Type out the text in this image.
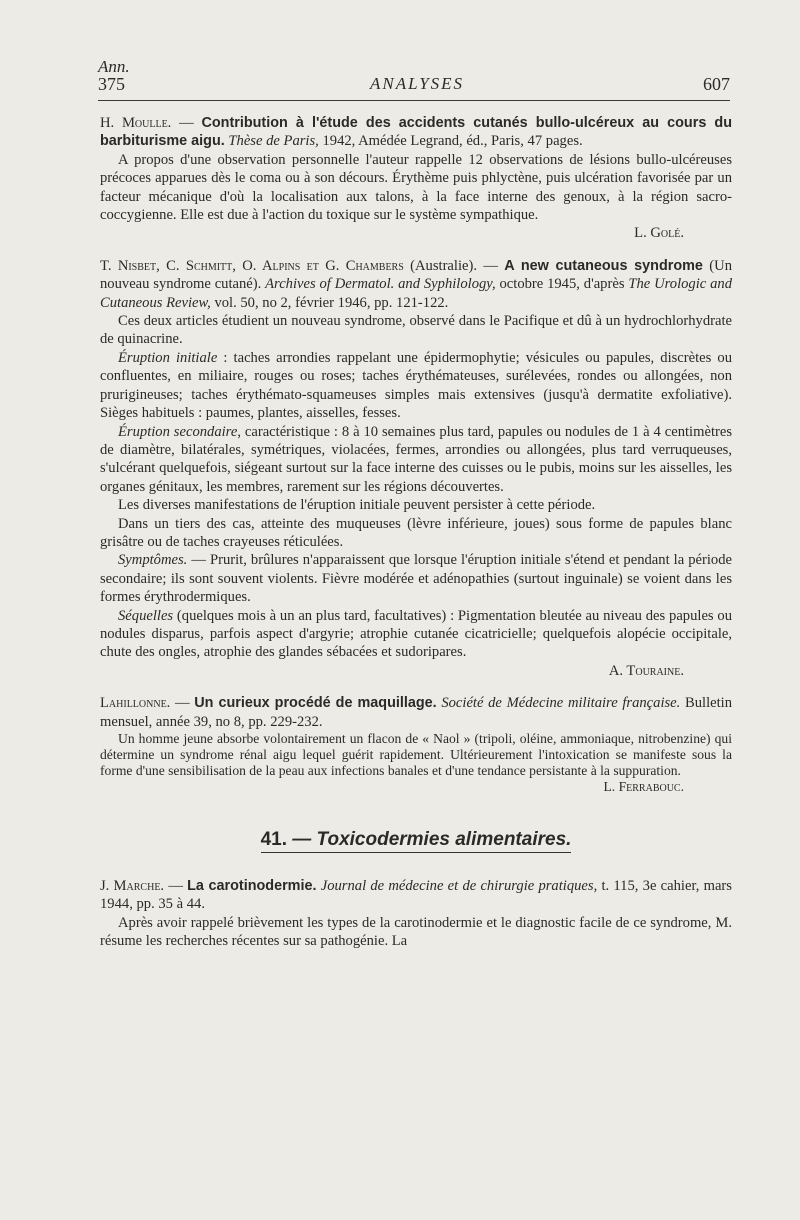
Ann.
375	ANALYSES	607

H. Moulle. — Contribution à l'étude des accidents cutanés bullo-ulcéreux au cours du barbiturisme aigu. Thèse de Paris, 1942, Amédée Legrand, éd., Paris, 47 pages.

A propos d'une observation personnelle l'auteur rappelle 12 observations de lésions bullo-ulcéreuses précoces apparues dès le coma ou à son décours. Érythème puis phlyctène, puis ulcération favorisée par un facteur mécanique d'où la localisation aux talons, à la face interne des genoux, à la région sacro-coccygienne. Elle est due à l'action du toxique sur le système sympathique.

L. Golé.

T. Nisbet, C. Schmitt, O. Alpins et G. Chambers (Australie). — A new cutaneous syndrome (Un nouveau syndrome cutané). Archives of Dermatol. and Syphilology, octobre 1945, d'après The Urologic and Cutaneous Review, vol. 50, no 2, février 1946, pp. 121-122.

Ces deux articles étudient un nouveau syndrome, observé dans le Pacifique et dû à un hydrochlorhydrate de quinacrine.

Éruption initiale : taches arrondies rappelant une épidermophytie; vésicules ou papules, discrètes ou confluentes, en miliaire, rouges ou roses; taches érythémateuses, surélevées, rondes ou allongées, non prurigineuses; taches érythémato-squameuses simples mais extensives (jusqu'à dermatite exfoliative). Sièges habituels : paumes, plantes, aisselles, fesses.

Éruption secondaire, caractéristique : 8 à 10 semaines plus tard, papules ou nodules de 1 à 4 centimètres de diamètre, bilatérales, symétriques, violacées, fermes, arrondies ou allongées, plus tard verruqueuses, s'ulcérant quelquefois, siégeant surtout sur la face interne des cuisses ou le pubis, moins sur les aisselles, les organes génitaux, les membres, rarement sur les régions découvertes.

Les diverses manifestations de l'éruption initiale peuvent persister à cette période.

Dans un tiers des cas, atteinte des muqueuses (lèvre inférieure, joues) sous forme de papules blanc grisâtre ou de taches crayeuses réticulées.

Symptômes. — Prurit, brûlures n'apparaissent que lorsque l'éruption initiale s'étend et pendant la période secondaire; ils sont souvent violents. Fièvre modérée et adénopathies (surtout inguinale) se voient dans les formes érythrodermiques.

Séquelles (quelques mois à un an plus tard, facultatives) : Pigmentation bleutée au niveau des papules ou nodules disparus, parfois aspect d'argyrie; atrophie cutanée cicatricielle; quelquefois alopécie occipitale, chute des ongles, atrophie des glandes sébacées et sudoripares.

A. Touraine.

Lahillonne. — Un curieux procédé de maquillage. Société de Médecine militaire française. Bulletin mensuel, année 39, no 8, pp. 229-232.

Un homme jeune absorbe volontairement un flacon de « Naol » (tripoli, oléine, ammoniaque, nitrobenzine) qui détermine un syndrome rénal aigu lequel guérit rapidement. Ultérieurement l'intoxication se manifeste sous la forme d'une sensibilisation de la peau aux infections banales et d'une tendance persistante à la suppuration.

L. Ferrabouc.

41. — Toxicodermies alimentaires.

J. Marche. — La carotinodermie. Journal de médecine et de chirurgie pratiques, t. 115, 3e cahier, mars 1944, pp. 35 à 44.

Après avoir rappelé brièvement les types de la carotinodermie et le diagnostic facile de ce syndrome, M. résume les recherches récentes sur sa pathogénie. La
